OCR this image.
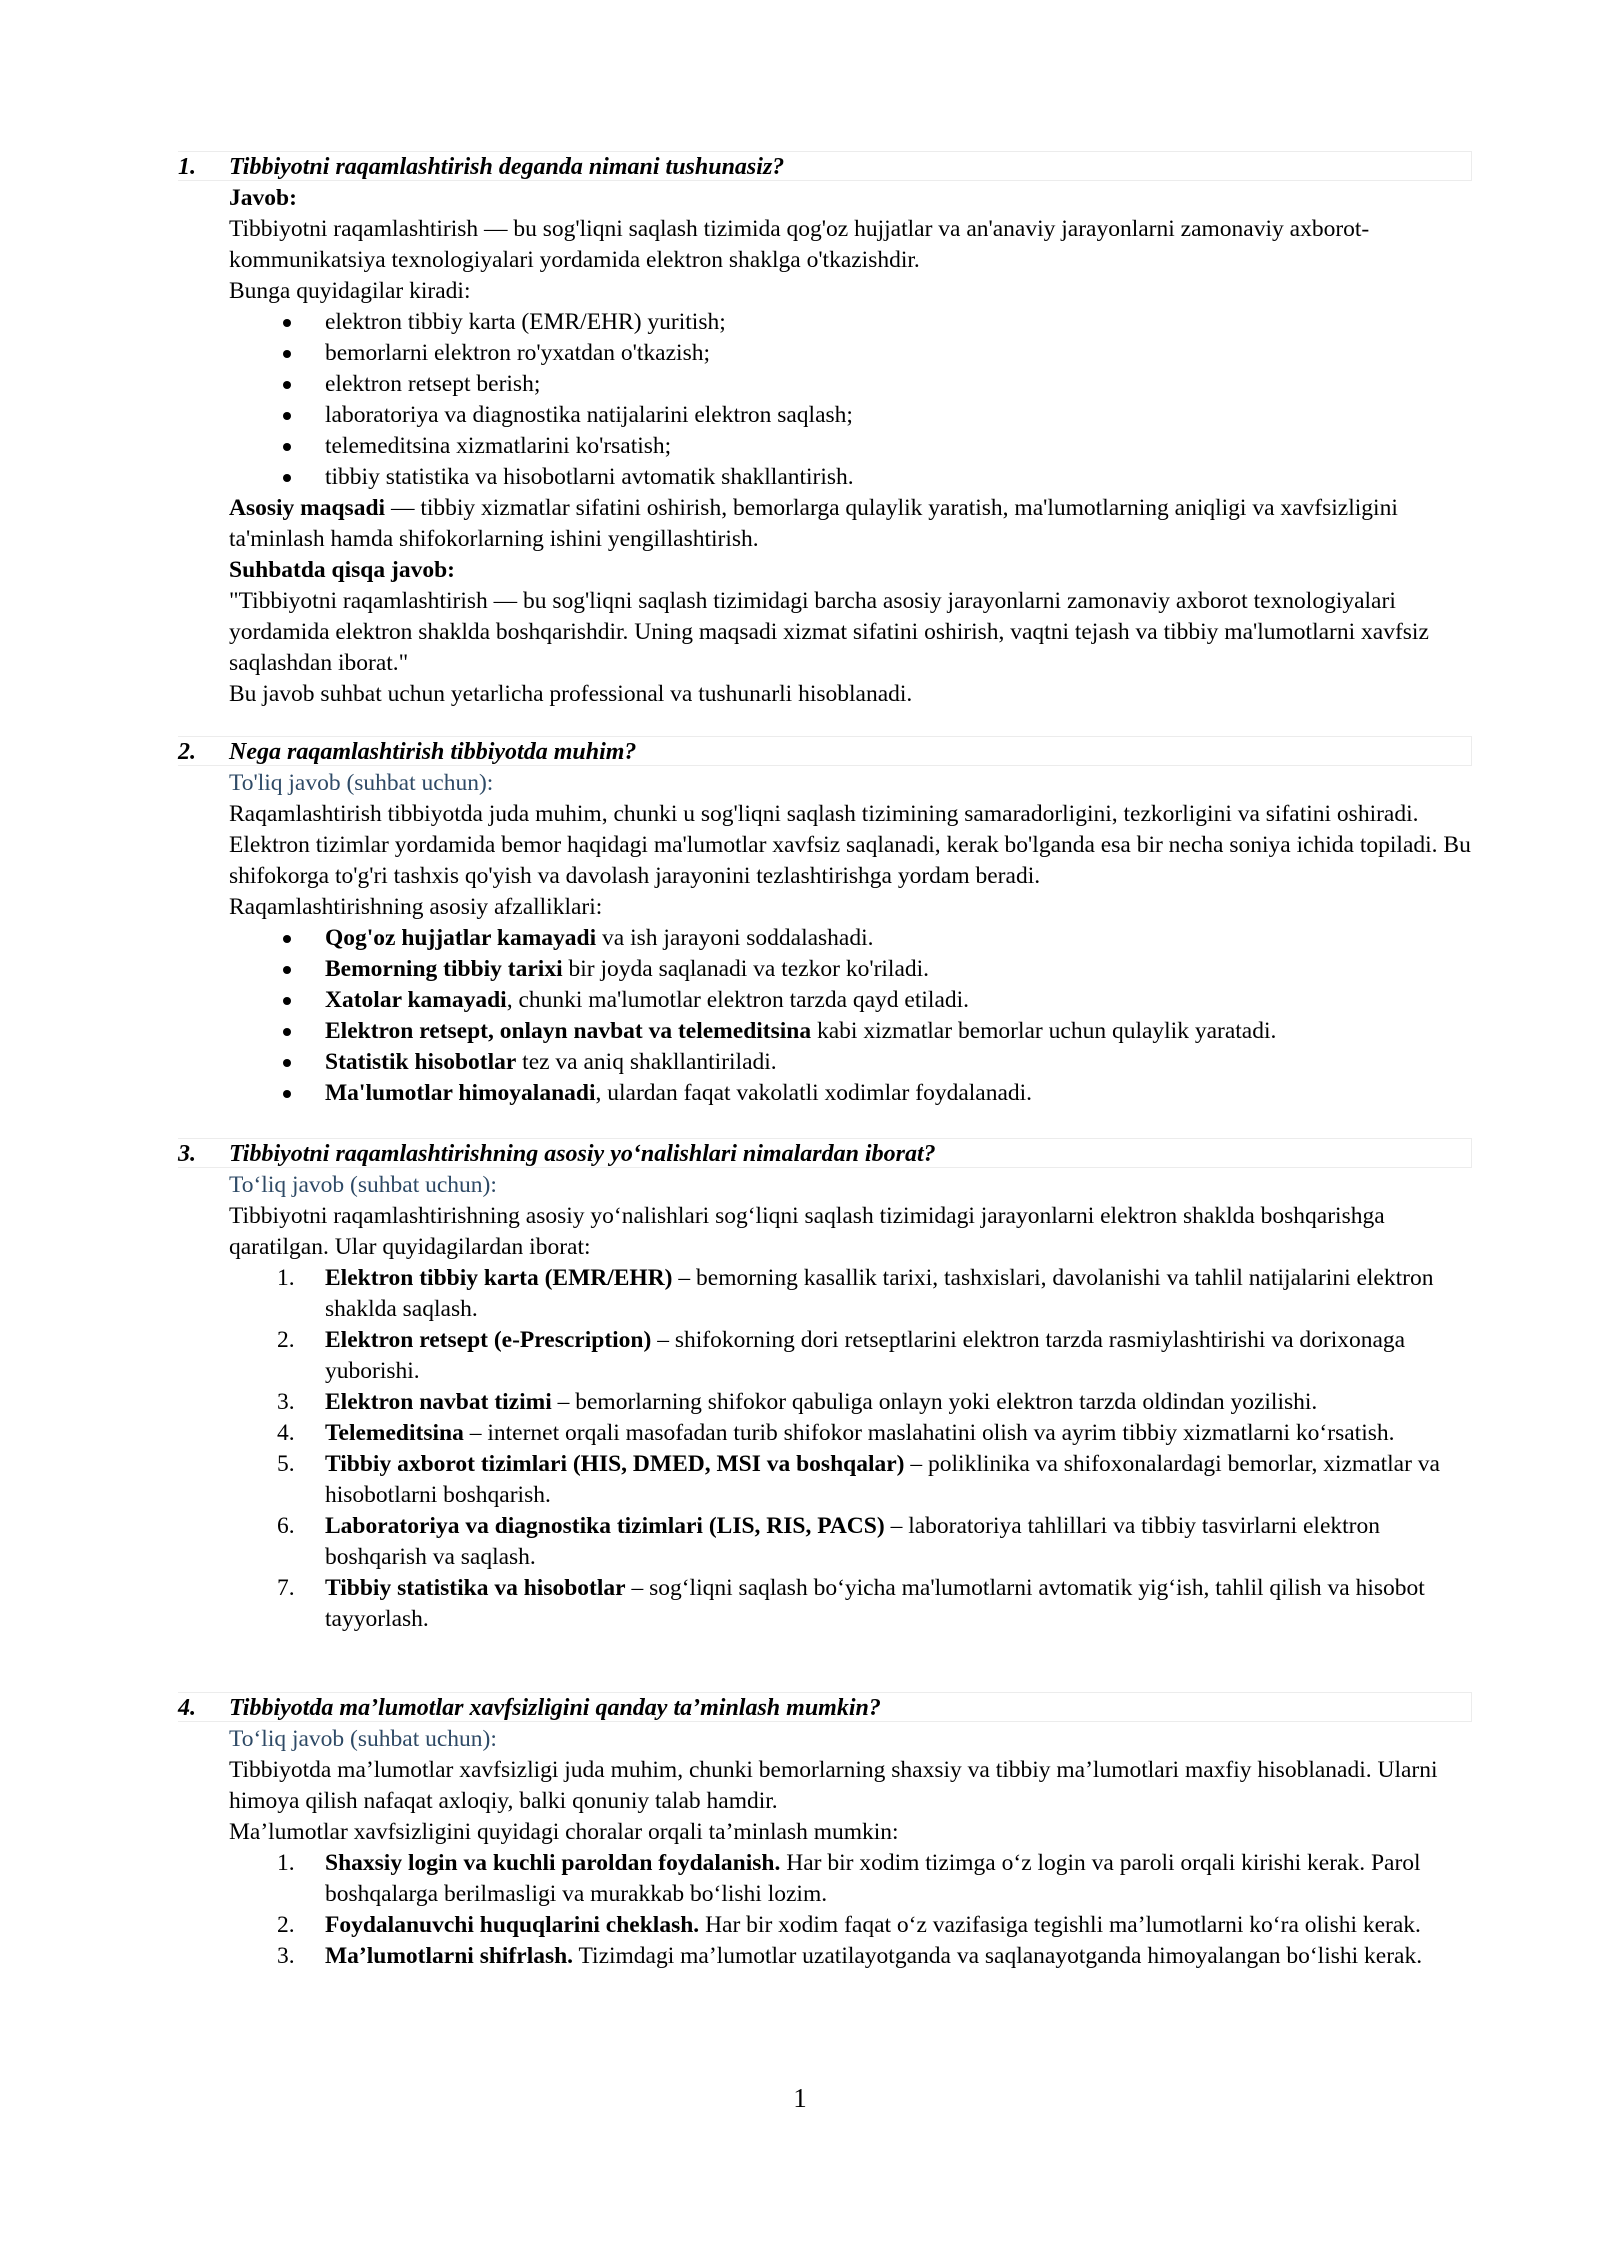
1.	Tibbiyotni raqamlashtirish deganda nimani tushunasiz?

Javob:

Tibbiyotni raqamlashtirish — bu sog'liqni saqlash tizimida qog'oz hujjatlar va an'anaviy jarayonlarni zamonaviy axborot-kommunikatsiya texnologiyalari yordamida elektron shaklga o'tkazishdir.

Bunga quyidagilar kiradi:

elektron tibbiy karta (EMR/EHR) yuritish;
bemorlarni elektron ro'yxatdan o'tkazish;
elektron retsept berish;
laboratoriya va diagnostika natijalarini elektron saqlash;
telemeditsina xizmatlarini ko'rsatish;
tibbiy statistika va hisobotlarni avtomatik shakllantirish.

Asosiy maqsadi — tibbiy xizmatlar sifatini oshirish, bemorlarga qulaylik yaratish, ma'lumotlarning aniqligi va xavfsizligini ta'minlash hamda shifokorlarning ishini yengillashtirish.

Suhbatda qisqa javob:

"Tibbiyotni raqamlashtirish — bu sog'liqni saqlash tizimidagi barcha asosiy jarayonlarni zamonaviy axborot texnologiyalari yordamida elektron shaklda boshqarishdir. Uning maqsadi xizmat sifatini oshirish, vaqtni tejash va tibbiy ma'lumotlarni xavfsiz saqlashdan iborat."

Bu javob suhbat uchun yetarlicha professional va tushunarli hisoblanadi.

2.	Nega raqamlashtirish tibbiyotda muhim?

To'liq javob (suhbat uchun):

Raqamlashtirish tibbiyotda juda muhim, chunki u sog'liqni saqlash tizimining samaradorligini, tezkorligini va sifatini oshiradi. Elektron tizimlar yordamida bemor haqidagi ma'lumotlar xavfsiz saqlanadi, kerak bo'lganda esa bir necha soniya ichida topiladi. Bu shifokorga to'g'ri tashxis qo'yish va davolash jarayonini tezlashtirishga yordam beradi.

Raqamlashtirishning asosiy afzalliklari:

Qog'oz hujjatlar kamayadi va ish jarayoni soddalashadi.
Bemorning tibbiy tarixi bir joyda saqlanadi va tezkor ko'riladi.
Xatolar kamayadi, chunki ma'lumotlar elektron tarzda qayd etiladi.
Elektron retsept, onlayn navbat va telemeditsina kabi xizmatlar bemorlar uchun qulaylik yaratadi.
Statistik hisobotlar tez va aniq shakllantiriladi.
Ma'lumotlar himoyalanadi, ulardan faqat vakolatli xodimlar foydalanadi.
3.	Tibbiyotni raqamlashtirishning asosiy yo‘nalishlari nimalardan iborat?

To‘liq javob (suhbat uchun):

Tibbiyotni raqamlashtirishning asosiy yo‘nalishlari sog‘liqni saqlash tizimidagi jarayonlarni elektron shaklda boshqarishga qaratilgan. Ular quyidagilardan iborat:

1. Elektron tibbiy karta (EMR/EHR) – bemorning kasallik tarixi, tashxislari, davolanishi va tahlil natijalarini elektron shaklda saqlash.
2. Elektron retsept (e-Prescription) – shifokorning dori retseptlarini elektron tarzda rasmiylashtirishi va dorixonaga yuborishi.
3. Elektron navbat tizimi – bemorlarning shifokor qabuliga onlayn yoki elektron tarzda oldindan yozilishi.
4. Telemeditsina – internet orqali masofadan turib shifokor maslahatini olish va ayrim tibbiy xizmatlarni ko‘rsatish.
5. Tibbiy axborot tizimlari (HIS, DMED, MSI va boshqalar) – poliklinika va shifoxonalardagi bemorlar, xizmatlar va hisobotlarni boshqarish.
6. Laboratoriya va diagnostika tizimlari (LIS, RIS, PACS) – laboratoriya tahlillari va tibbiy tasvirlarni elektron boshqarish va saqlash.
7. Tibbiy statistika va hisobotlar – sog‘liqni saqlash bo‘yicha ma'lumotlarni avtomatik yig‘ish, tahlil qilish va hisobot tayyorlash.
4.	Tibbiyotda ma’lumotlar xavfsizligini qanday ta’minlash mumkin?

To‘liq javob (suhbat uchun):

Tibbiyotda ma’lumotlar xavfsizligi juda muhim, chunki bemorlarning shaxsiy va tibbiy ma’lumotlari maxfiy hisoblanadi. Ularni himoya qilish nafaqat axloqiy, balki qonuniy talab hamdir.

Ma’lumotlar xavfsizligini quyidagi choralar orqali ta’minlash mumkin:

1. Shaxsiy login va kuchli paroldan foydalanish. Har bir xodim tizimga o‘z login va paroli orqali kirishi kerak. Parol boshqalarga berilmasligi va murakkab bo‘lishi lozim.
2. Foydalanuvchi huquqlarini cheklash. Har bir xodim faqat o‘z vazifasiga tegishli ma’lumotlarni ko‘ra olishi kerak.
3. Ma’lumotlarni shifrlash. Tizimdagi ma’lumotlar uzatilayotganda va saqlanayotganda himoyalangan bo‘lishi kerak.
1
